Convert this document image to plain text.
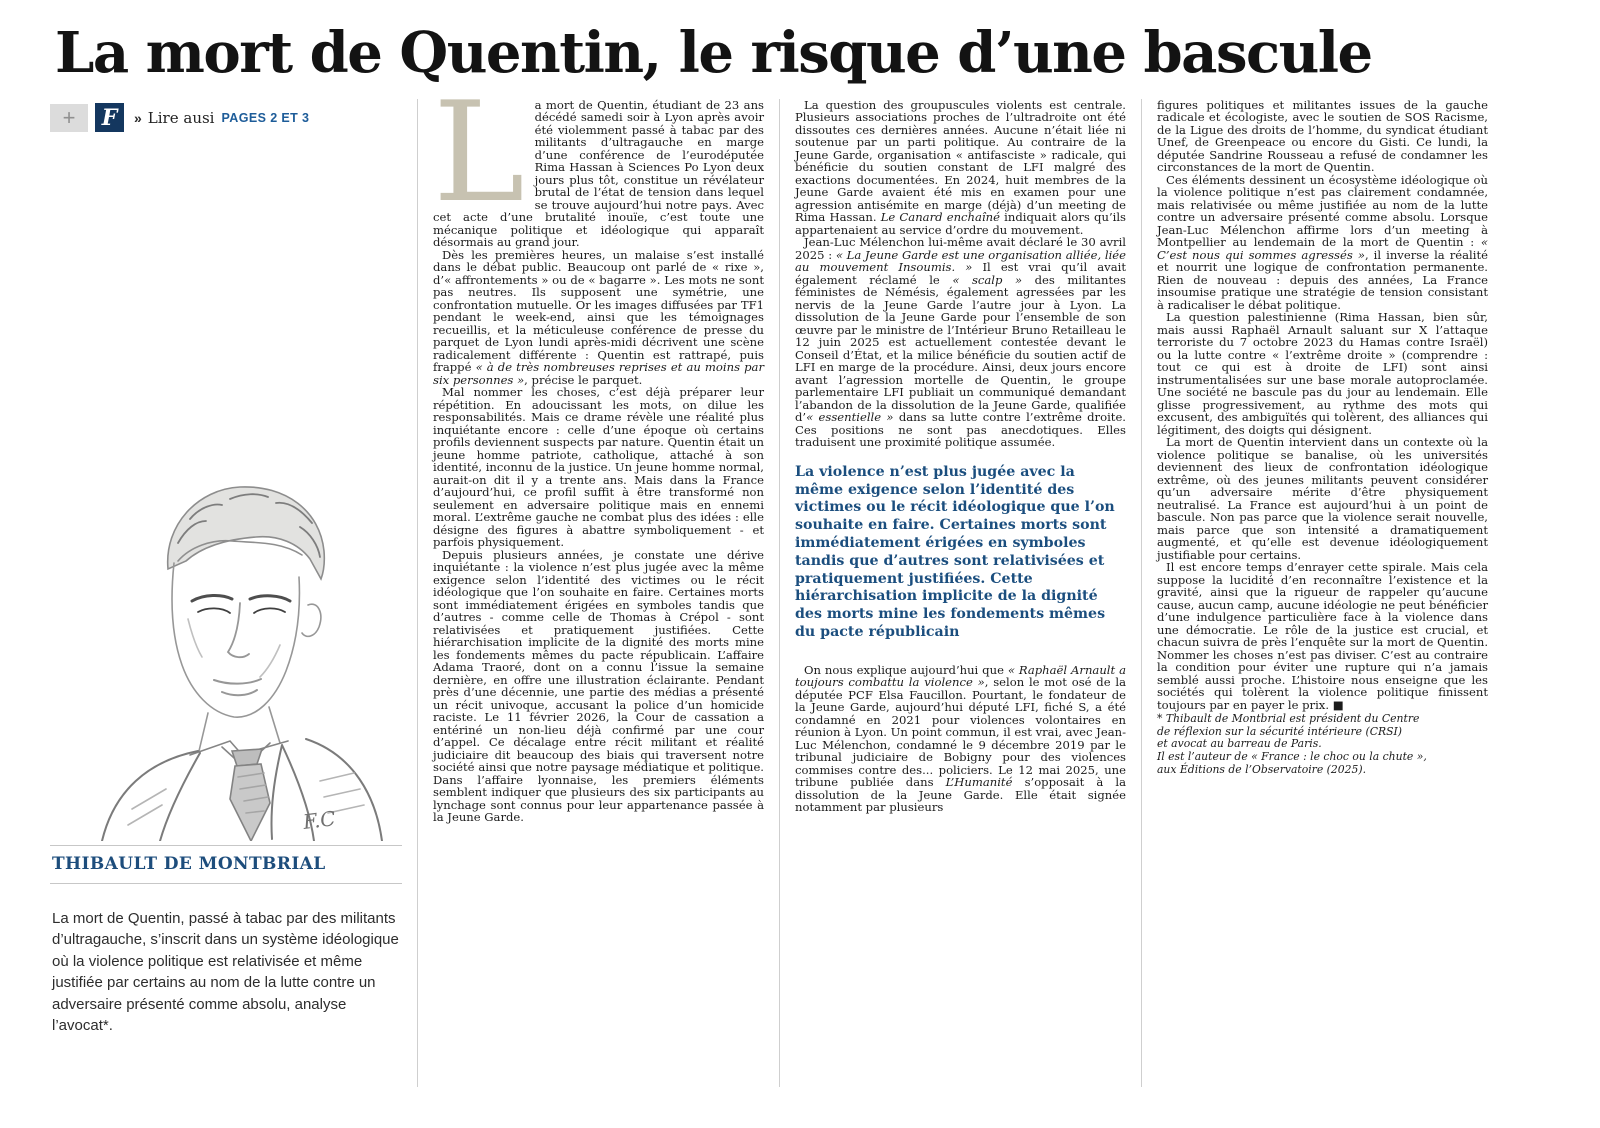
La mort de Quentin, le risque d’une bascule
+	F	» Lire ausi PAGES 2 ET 3
F.C
THIBAULT DE MONTBRIAL

La mort de Quentin, passé à tabac par des militants d’ultragauche, s’inscrit dans un système idéologique où la violence politique est relativisée et même justifiée par certains au nom de la lutte contre un adversaire présenté comme absolu, analyse l’avocat*.

La mort de Quentin, étudiant de 23 ans décédé samedi soir à Lyon après avoir été violemment passé à tabac par des militants d’ultragauche en marge d’une conférence de l’eurodéputée Rima Hassan à Sciences Po Lyon deux jours plus tôt, constitue un révélateur brutal de l’état de tension dans lequel se trouve aujourd’hui notre pays. Avec cet acte d’une brutalité inouïe, c’est toute une mécanique politique et idéologique qui apparaît désormais au grand jour.

Dès les premières heures, un malaise s’est installé dans le débat public. Beaucoup ont parlé de « rixe », d’« affrontements » ou de « bagarre ». Les mots ne sont pas neutres. Ils supposent une symétrie, une confrontation mutuelle. Or les images diffusées par TF1 pendant le week-end, ainsi que les témoignages recueillis, et la méticuleuse conférence de presse du parquet de Lyon lundi après-midi décrivent une scène radicalement différente : Quentin est rattrapé, puis frappé « à de très nombreuses reprises et au moins par six personnes », précise le parquet.

Mal nommer les choses, c’est déjà préparer leur répétition. En adoucissant les mots, on dilue les responsabilités. Mais ce drame révèle une réalité plus inquiétante encore : celle d’une époque où certains profils deviennent suspects par nature. Quentin était un jeune homme patriote, catholique, attaché à son identité, inconnu de la justice. Un jeune homme normal, aurait-on dit il y a trente ans. Mais dans la France d’aujourd’hui, ce profil suffit à être transformé non seulement en adversaire politique mais en ennemi moral. L’extrême gauche ne combat plus des idées : elle désigne des figures à abattre symboliquement - et parfois physiquement.

Depuis plusieurs années, je constate une dérive inquiétante : la violence n’est plus jugée avec la même exigence selon l’identité des victimes ou le récit idéologique que l’on souhaite en faire. Certaines morts sont immédiatement érigées en symboles tandis que d’autres - comme celle de Thomas à Crépol - sont relativisées et pratiquement justifiées. Cette hiérarchisation implicite de la dignité des morts mine les fondements mêmes du pacte républicain. L’affaire Adama Traoré, dont on a connu l’issue la semaine dernière, en offre une illustration éclairante. Pendant près d’une décennie, une partie des médias a présenté un récit univoque, accusant la police d’un homicide raciste. Le 11 février 2026, la Cour de cassation a entériné un non-lieu déjà confirmé par une cour d’appel. Ce décalage entre récit militant et réalité judiciaire dit beaucoup des biais qui traversent notre société ainsi que notre paysage médiatique et politique. Dans l’affaire lyonnaise, les premiers éléments semblent indiquer que plusieurs des six participants au lynchage sont connus pour leur appartenance passée à la Jeune Garde.

La question des groupuscules violents est centrale. Plusieurs associations proches de l’ultradroite ont été dissoutes ces dernières années. Aucune n’était liée ni soutenue par un parti politique. Au contraire de la Jeune Garde, organisation « antifasciste » radicale, qui bénéficie du soutien constant de LFI malgré des exactions documentées. En 2024, huit membres de la Jeune Garde avaient été mis en examen pour une agression antisémite en marge (déjà) d’un meeting de Rima Hassan. Le Canard enchaîné indiquait alors qu’ils appartenaient au service d’ordre du mouvement.

Jean-Luc Mélenchon lui-même avait déclaré le 30 avril 2025 : « La Jeune Garde est une organisation alliée, liée au mouvement Insoumis. » Il est vrai qu’il avait également réclamé le « scalp » des militantes féministes de Némésis, également agressées par les nervis de la Jeune Garde l’autre jour à Lyon. La dissolution de la Jeune Garde pour l’ensemble de son œuvre par le ministre de l’Intérieur Bruno Retailleau le 12 juin 2025 est actuellement contestée devant le Conseil d’État, et la milice bénéficie du soutien actif de LFI en marge de la procédure. Ainsi, deux jours encore avant l’agression mortelle de Quentin, le groupe parlementaire LFI publiait un communiqué demandant l’abandon de la dissolution de la Jeune Garde, qualifiée d’« essentielle » dans sa lutte contre l’extrême droite. Ces positions ne sont pas anecdotiques. Elles traduisent une proximité politique assumée.

La violence n’est plus jugée avec la même exigence selon l’identité des victimes ou le récit idéologique que l’on souhaite en faire. Certaines morts sont immédiatement érigées en symboles tandis que d’autres sont relativisées et pratiquement justifiées. Cette hiérarchisation implicite de la dignité des morts mine les fondements mêmes du pacte républicain

On nous explique aujourd’hui que « Raphaël Arnault a toujours combattu la violence », selon le mot osé de la députée PCF Elsa Faucillon. Pourtant, le fondateur de la Jeune Garde, aujourd’hui député LFI, fiché S, a été condamné en 2021 pour violences volontaires en réunion à Lyon. Un point commun, il est vrai, avec Jean-Luc Mélenchon, condamné le 9 décembre 2019 par le tribunal judiciaire de Bobigny pour des violences commises contre des... policiers. Le 12 mai 2025, une tribune publiée dans L’Humanité s’opposait à la dissolution de la Jeune Garde. Elle était signée notamment par plusieurs

figures politiques et militantes issues de la gauche radicale et écologiste, avec le soutien de SOS Racisme, de la Ligue des droits de l’homme, du syndicat étudiant Unef, de Greenpeace ou encore du Gisti. Ce lundi, la députée Sandrine Rousseau a refusé de condamner les circonstances de la mort de Quentin.

Ces éléments dessinent un écosystème idéologique où la violence politique n’est pas clairement condamnée, mais relativisée ou même justifiée au nom de la lutte contre un adversaire présenté comme absolu. Lorsque Jean-Luc Mélenchon affirme lors d’un meeting à Montpellier au lendemain de la mort de Quentin : « C’est nous qui sommes agressés », il inverse la réalité et nourrit une logique de confrontation permanente. Rien de nouveau : depuis des années, La France insoumise pratique une stratégie de tension consistant à radicaliser le débat politique.

La question palestinienne (Rima Hassan, bien sûr, mais aussi Raphaël Arnault saluant sur X l’attaque terroriste du 7 octobre 2023 du Hamas contre Israël) ou la lutte contre « l’extrême droite » (comprendre : tout ce qui est à droite de LFI) sont ainsi instrumentalisées sur une base morale autoproclamée. Une société ne bascule pas du jour au lendemain. Elle glisse progressivement, au rythme des mots qui excusent, des ambiguïtés qui tolèrent, des alliances qui légitiment, des doigts qui désignent.

La mort de Quentin intervient dans un contexte où la violence politique se banalise, où les universités deviennent des lieux de confrontation idéologique extrême, où des jeunes militants peuvent considérer qu’un adversaire mérite d’être physiquement neutralisé. La France est aujourd’hui à un point de bascule. Non pas parce que la violence serait nouvelle, mais parce que son intensité a dramatiquement augmenté, et qu’elle est devenue idéologiquement justifiable pour certains.

Il est encore temps d’enrayer cette spirale. Mais cela suppose la lucidité d’en reconnaître l’existence et la gravité, ainsi que la rigueur de rappeler qu’aucune cause, aucun camp, aucune idéologie ne peut bénéficier d’une indulgence particulière face à la violence dans une démocratie. Le rôle de la justice est crucial, et chacun suivra de près l’enquête sur la mort de Quentin. Nommer les choses n’est pas diviser. C’est au contraire la condition pour éviter une rupture qui n’a jamais semblé aussi proche. L’histoire nous enseigne que les sociétés qui tolèrent la violence politique finissent toujours par en payer le prix. ■

* Thibault de Montbrial est président du Centre
de réflexion sur la sécurité intérieure (CRSI)
et avocat au barreau de Paris.
Il est l’auteur de « France : le choc ou la chute »,
aux Éditions de l’Observatoire (2025).
